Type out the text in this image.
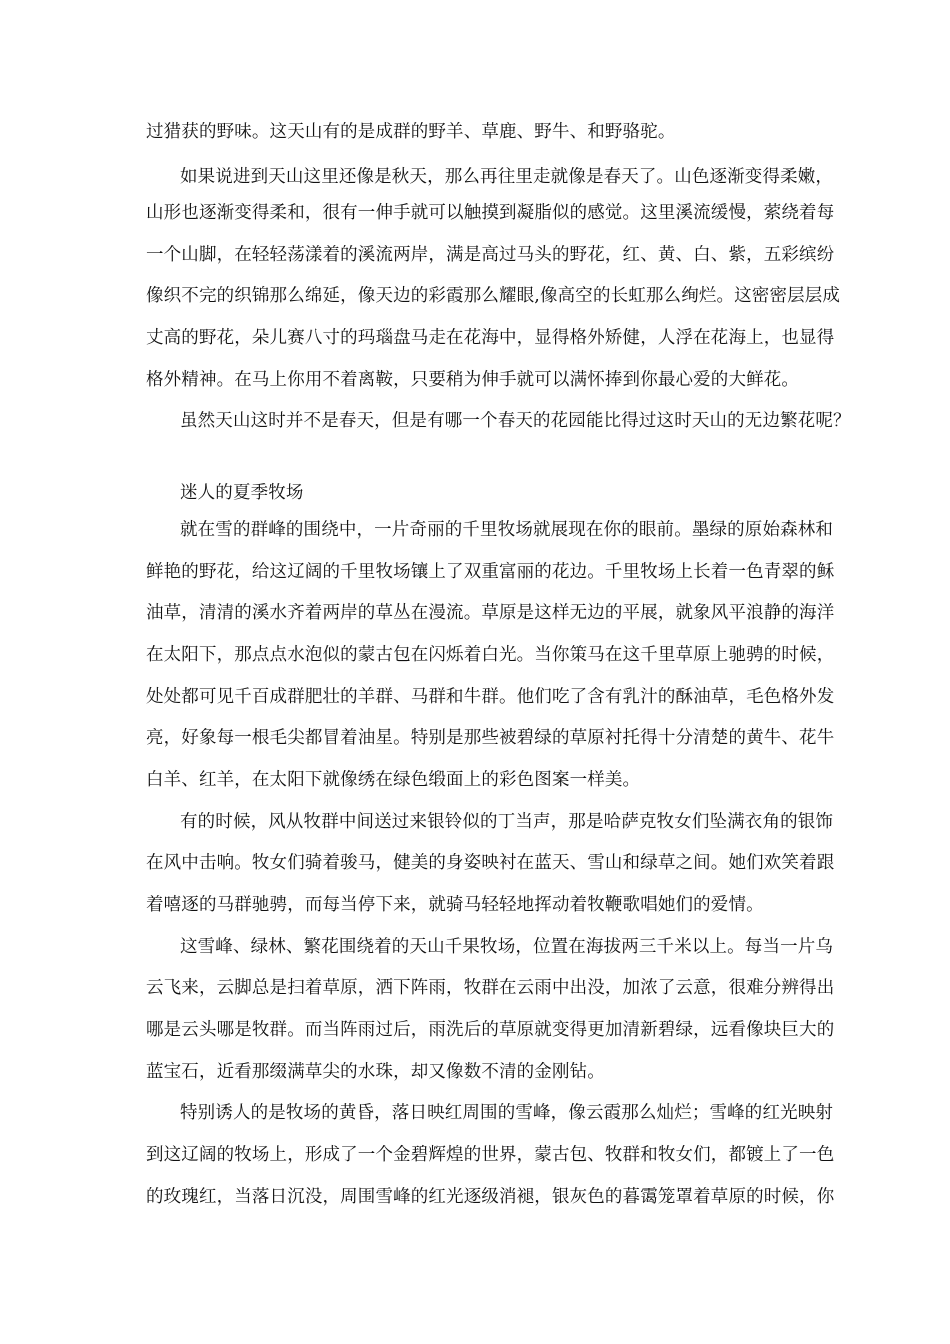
过猎获的野味。这天山有的是成群的野羊、草鹿、野牛、和野骆驼。
如果说进到天山这里还像是秋天，那么再往里走就像是春天了。山色逐渐变得柔嫩，
山形也逐渐变得柔和，很有一伸手就可以触摸到凝脂似的感觉。这里溪流缓慢，萦绕着每
一个山脚，在轻轻荡漾着的溪流两岸，满是高过马头的野花，红、黄、白、紫，五彩缤纷
像织不完的织锦那么绵延，像天边的彩霞那么耀眼,像高空的长虹那么绚烂。这密密层层成
丈高的野花，朵儿赛八寸的玛瑙盘马走在花海中，显得格外矫健，人浮在花海上，也显得
格外精神。在马上你用不着离鞍，只要稍为伸手就可以满怀捧到你最心爱的大鲜花。
虽然天山这时并不是春天，但是有哪一个春天的花园能比得过这时天山的无边繁花呢？
迷人的夏季牧场
就在雪的群峰的围绕中，一片奇丽的千里牧场就展现在你的眼前。墨绿的原始森林和
鲜艳的野花，给这辽阔的千里牧场镶上了双重富丽的花边。千里牧场上长着一色青翠的稣
油草，清清的溪水齐着两岸的草丛在漫流。草原是这样无边的平展，就象风平浪静的海洋
在太阳下，那点点水泡似的蒙古包在闪烁着白光。当你策马在这千里草原上驰骋的时候，
处处都可见千百成群肥壮的羊群、马群和牛群。他们吃了含有乳汁的酥油草，毛色格外发
亮，好象每一根毛尖都冒着油星。特别是那些被碧绿的草原衬托得十分清楚的黄牛、花牛
白羊、红羊，在太阳下就像绣在绿色缎面上的彩色图案一样美。
有的时候，风从牧群中间送过来银铃似的丁当声，那是哈萨克牧女们坠满衣角的银饰
在风中击响。牧女们骑着骏马，健美的身姿映衬在蓝天、雪山和绿草之间。她们欢笑着跟
着嘻逐的马群驰骋，而每当停下来，就骑马轻轻地挥动着牧鞭歌唱她们的爱情。
这雪峰、绿林、繁花围绕着的天山千果牧场，位置在海拔两三千米以上。每当一片乌
云飞来，云脚总是扫着草原，洒下阵雨，牧群在云雨中出没，加浓了云意，很难分辨得出
哪是云头哪是牧群。而当阵雨过后，雨洗后的草原就变得更加清新碧绿，远看像块巨大的
蓝宝石，近看那缀满草尖的水珠，却又像数不清的金刚钻。
特别诱人的是牧场的黄昏，落日映红周围的雪峰，像云霞那么灿烂；雪峰的红光映射
到这辽阔的牧场上，形成了一个金碧辉煌的世界，蒙古包、牧群和牧女们，都镀上了一色
的玫瑰红，当落日沉没，周围雪峰的红光逐级消褪，银灰色的暮霭笼罩着草原的时候，你
